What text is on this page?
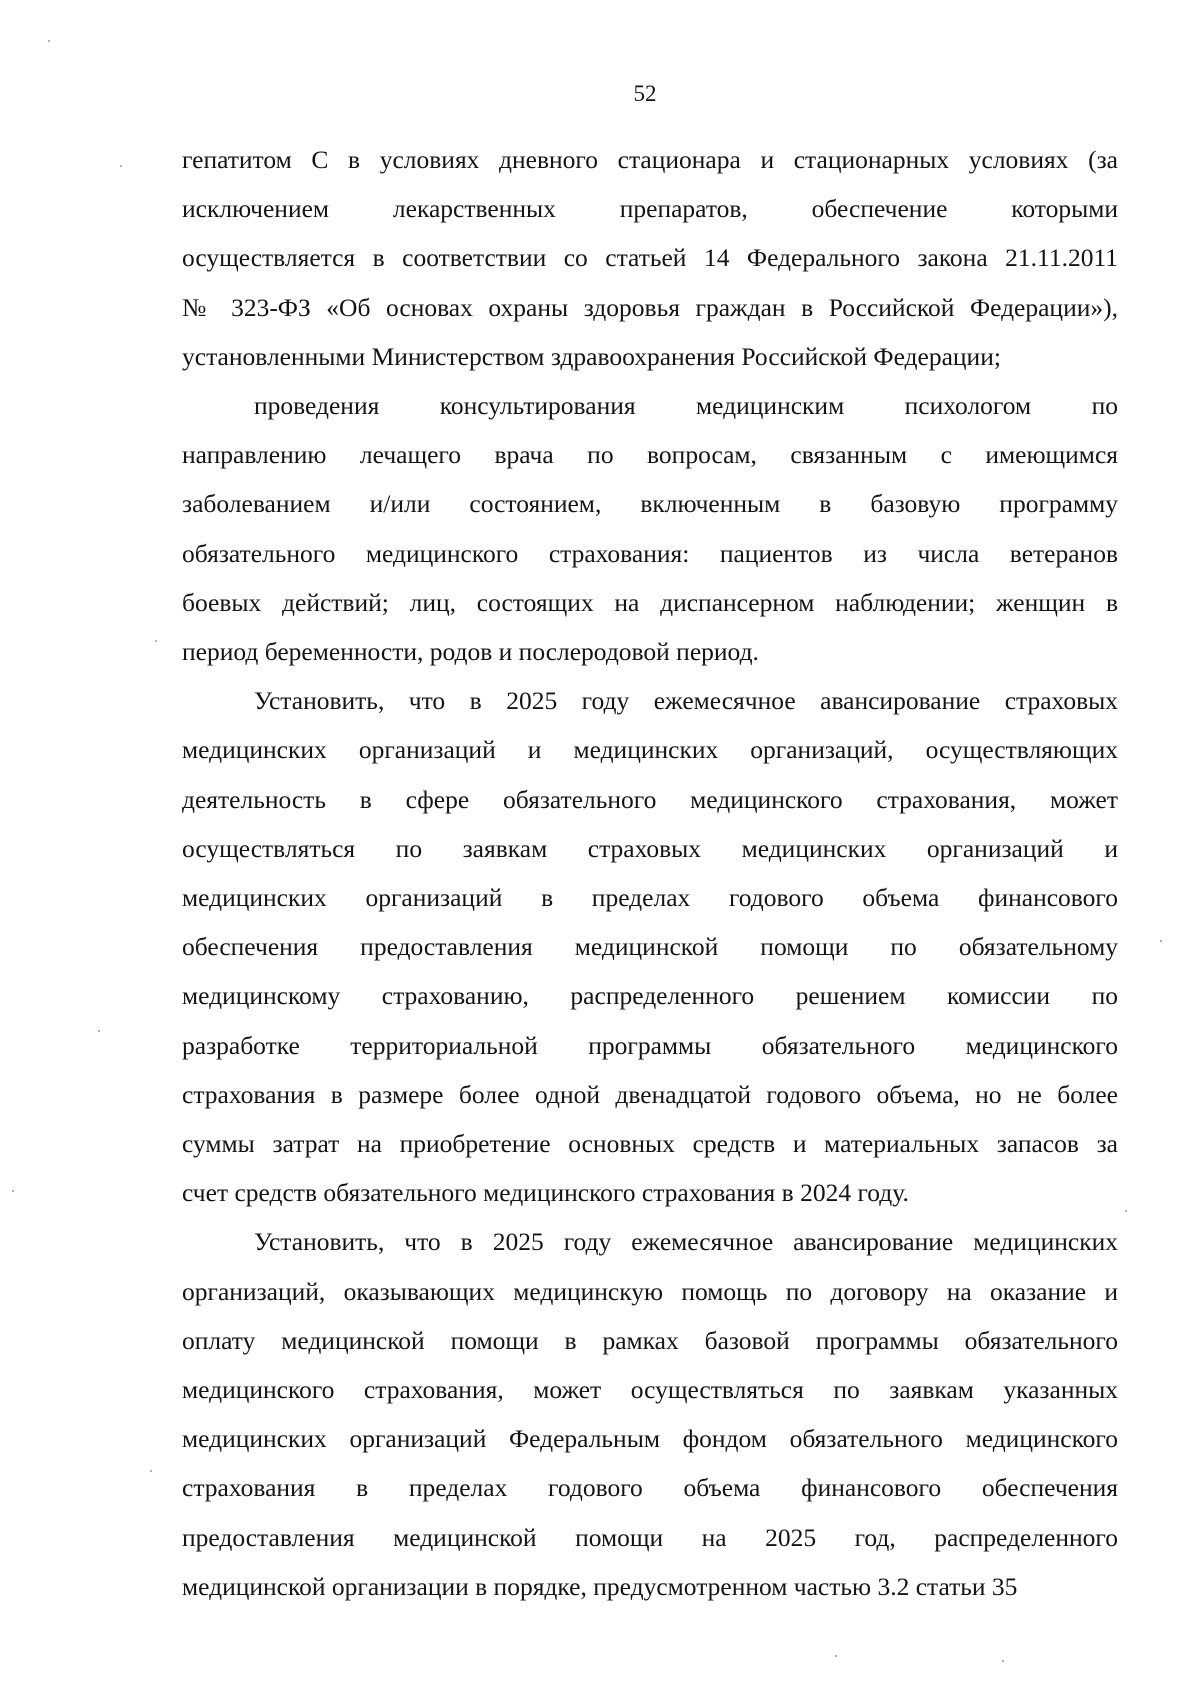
52
гепатитом С в условиях дневного стационара и стационарных условиях (за
исключением лекарственных препаратов, обеспечение которыми
осуществляется в соответствии со статьей 14 Федерального закона 21.11.2011
№ 323-ФЗ «Об основах охраны здоровья граждан в Российской Федерации»),
установленными Министерством здравоохранения Российской Федерации;
проведения консультирования медицинским психологом по
направлению лечащего врача по вопросам, связанным с имеющимся
заболеванием и/или состоянием, включенным в базовую программу
обязательного медицинского страхования: пациентов из числа ветеранов
боевых действий; лиц, состоящих на диспансерном наблюдении; женщин в
период беременности, родов и послеродовой период.
Установить, что в 2025 году ежемесячное авансирование страховых
медицинских организаций и медицинских организаций, осуществляющих
деятельность в сфере обязательного медицинского страхования, может
осуществляться по заявкам страховых медицинских организаций и
медицинских организаций в пределах годового объема финансового
обеспечения предоставления медицинской помощи по обязательному
медицинскому страхованию, распределенного решением комиссии по
разработке территориальной программы обязательного медицинского
страхования в размере более одной двенадцатой годового объема, но не более
суммы затрат на приобретение основных средств и материальных запасов за
счет средств обязательного медицинского страхования в 2024 году.
Установить, что в 2025 году ежемесячное авансирование медицинских
организаций, оказывающих медицинскую помощь по договору на оказание и
оплату медицинской помощи в рамках базовой программы обязательного
медицинского страхования, может осуществляться по заявкам указанных
медицинских организаций Федеральным фондом обязательного медицинского
страхования в пределах годового объема финансового обеспечения
предоставления медицинской помощи на 2025 год, распределенного
медицинской организации в порядке, предусмотренном частью 3.2 статьи 35
